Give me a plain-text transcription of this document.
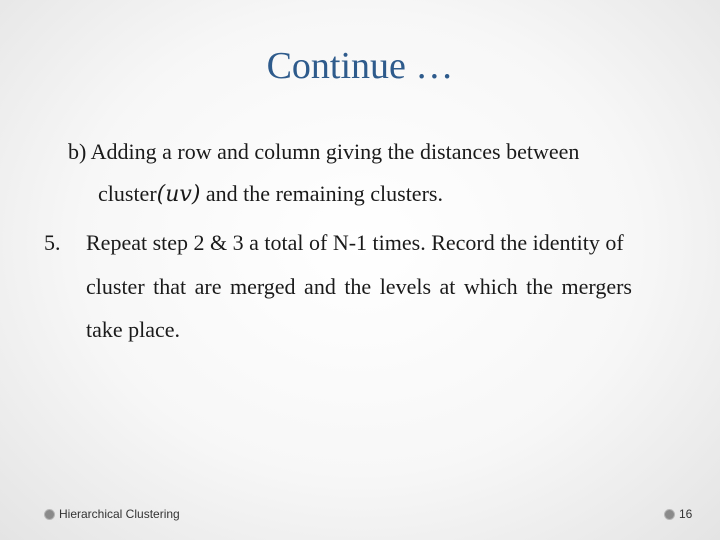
Continue …
b) Adding a row and column giving the distances between
cluster(uv) and the remaining clusters.
5. Repeat step 2 & 3 a total of N-1 times. Record the identity of
cluster that are merged and the levels at which the mergers
take place.
Hierarchical Clustering	16
